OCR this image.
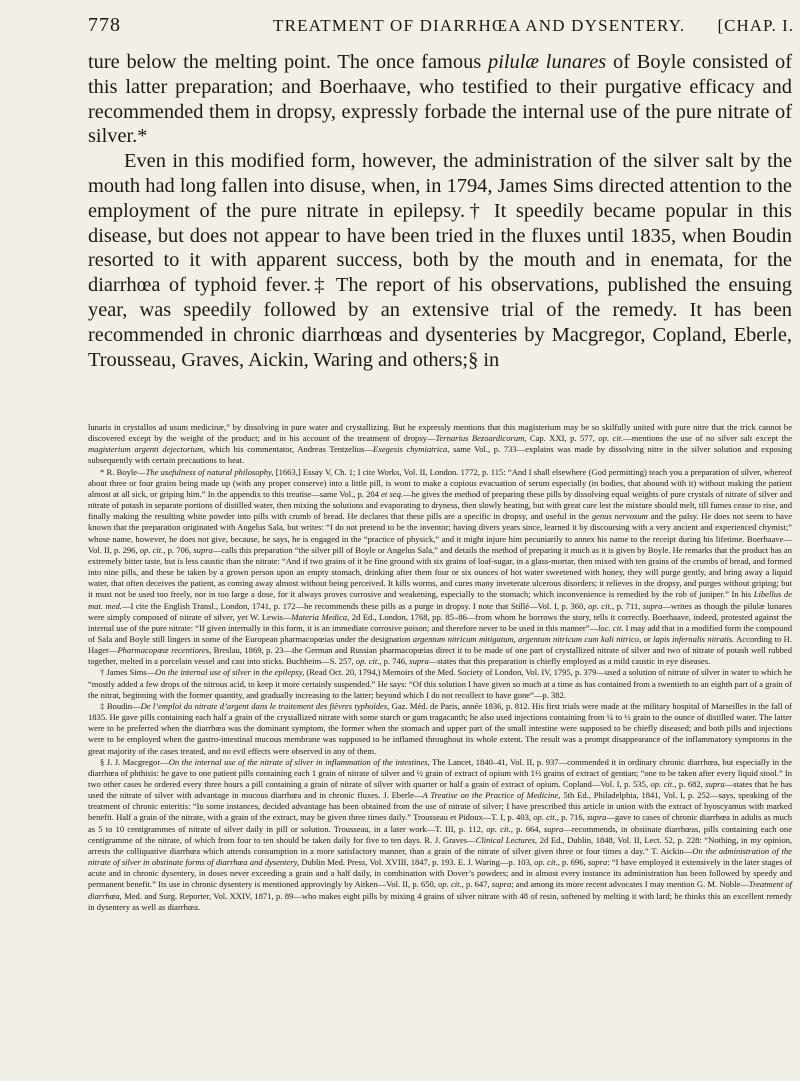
778	TREATMENT OF DIARRHŒA AND DYSENTERY. [CHAP. I.
ture below the melting point. The once famous pilulæ lunares of Boyle consisted of this latter preparation; and Boerhaave, who testified to their purgative efficacy and recommended them in dropsy, expressly forbade the internal use of the pure nitrate of silver.*
Even in this modified form, however, the administration of the silver salt by the mouth had long fallen into disuse, when, in 1794, James Sims directed attention to the employment of the pure nitrate in epilepsy.† It speedily became popular in this disease, but does not appear to have been tried in the fluxes until 1835, when Boudin resorted to it with apparent success, both by the mouth and in enemata, for the diarrhœa of typhoid fever.‡ The report of his observations, published the ensuing year, was speedily followed by an extensive trial of the remedy. It has been recommended in chronic diarrhœas and dysenteries by Macgregor, Copland, Eberle, Trousseau, Graves, Aickin, Waring and others;§ in

lunaris in crystallos ad usum medicinæ,” by dissolving in pure water and crystallizing. But he expressly mentions that this magisterium may be so skilfully united with pure nitre that the trick cannot be discovered except by the weight of the product; and in his account of the treatment of dropsy—Ternarius Bezoardicorum, Cap. XXI, p. 577, op. cit.—mentions the use of no silver salt except the magisterium argenti dejectorium, which his commentator, Andreas Tentzelius—Exegesis chymiatrica, same Vol., p. 733—explains was made by dissolving nitre in the silver solution and exposing subsequently with certain precautions to heat.

* R. Boyle—The usefulness of natural philosophy, [1663,] Essay V, Ch. 1; I cite Works, Vol. II, London. 1772, p. 115: “And I shall elsewhere (God permitting) teach you a preparation of silver, whereof about three or four grains being made up (with any proper conserve) into a little pill, is wont to make a copious evacuation of serum especially (in bodies, that abound with it) without making the patient almost at all sick, or griping him.” In the appendix to this treatise—same Vol., p. 204 et seq.—he gives the method of preparing these pills by dissolving equal weights of pure crystals of nitrate of silver and nitrate of potash in separate portions of distilled water, then mixing the solutions and evaporating to dryness, then slowly heating, but with great care lest the mixture should melt, till fumes cease to rise, and finally making the resulting white powder into pills with crumb of bread. He declares that these pills are a specific in dropsy, and useful in the genus nervosum and the palsy. He does not seem to have known that the preparation originated with Angelus Sala, but writes: “I do not pretend to be the inventor; having divers years since, learned it by discoursing with a very ancient and experienced chymist;” whose name, however, he does not give, because, he says, he is engaged in the “practice of physick,” and it might injure him pecuniarily to annex his name to the receipt during his lifetime. Boerhaave—Vol. II, p. 296, op. cit., p. 706, supra—calls this preparation “the silver pill of Boyle or Angelus Sala,” and details the method of preparing it much as it is given by Boyle. He remarks that the product has an extremely bitter taste, but is less caustic than the nitrate: “And if two grains of it be fine ground with six grains of loaf-sugar, in a glass-mortar, then mixed with ten grains of the crumbs of bread, and formed into nine pills, and these be taken by a grown person upon an empty stomach, drinking after them four or six ounces of hot water sweetened with honey, they will purge gently, and bring away a liquid water, that often deceives the patient, as coming away almost without being perceived. It kills worms, and cures many inveterate ulcerous disorders; it relieves in the dropsy, and purges without griping; but it must not be used too freely, nor in too large a dose, for it always proves corrosive and weakening, especially to the stomach; which inconvenience is remedied by the rob of juniper.” In his Libellus de mat. med.—I cite the English Transl., London, 1741, p. 172—he recommends these pills as a purge in dropsy. I note that Stillé—Vol. I, p. 360, op. cit., p. 711, supra—writes as though the pilulæ lunares were simply composed of nitrate of silver, yet W. Lewis—Materia Medica, 2d Ed., London, 1768, pp. 85–86—from whom he borrows the story, tells it correctly. Boerhaave, indeed, protested against the internal use of the pure nitrate: “If given internally in this form, it is an immediate corrosive poison; and therefore never to be used in this manner”—loc. cit. I may add that in a modified form the compound of Sala and Boyle still lingers in some of the European pharmacopœias under the designation argentum nitricum mitigatum, argentum nitricum cum kali nitrico, or lapis infernalis nitratis. According to H. Hager—Pharmacopœæ recentiores, Breslau, 1869, p. 23—the German and Russian pharmacopœias direct it to be made of one part of crystallized nitrate of silver and two of nitrate of potash well rubbed together, melted in a porcelain vessel and cast into sticks. Buchheim—S. 257, op. cit., p. 746, supra—states that this preparation is chiefly employed as a mild caustic in eye diseases.

† James Sims—On the internal use of silver in the epilepsy, (Read Oct. 20, 1794,) Memoirs of the Med. Society of London, Vol. IV, 1795, p. 379—used a solution of nitrate of silver in water to which he “mostly added a few drops of the nitrous acid, to keep it more certainly suspended.” He says: “Of this solution I have given so much at a time as has contained from a twentieth to an eighth part of a grain of the nitrat, beginning with the former quantity, and gradually increasing to the latter; beyond which I do not recollect to have gone”—p. 382.

‡ Boudin—De l’emploi du nitrate d’argent dans le traitement des fièvres typhoïdes, Gaz. Méd. de Paris, année 1836, p. 812. His first trials were made at the military hospital of Marseilles in the fall of 1835. He gave pills containing each half a grain of the crystallized nitrate with some starch or gum tragacanth; he also used injections containing from ¼ to ½ grain to the ounce of distilled water. The latter were to be preferred when the diarrhœa was the dominant symptom, the former when the stomach and upper part of the small intestine were supposed to be chiefly diseased; and both pills and injections were to be employed when the gastro-intestinal mucous membrane was supposed to be inflamed throughout its whole extent. The result was a prompt disappearance of the inflammatory symptoms in the great majority of the cases treated, and no evil effects were observed in any of them.

§ J. J. Macgregor—On the internal use of the nitrate of silver in inflammation of the intestines, The Lancet, 1840–41, Vol. II, p. 937—commended it in ordinary chronic diarrhœa, but especially in the diarrhœa of phthisis: he gave to one patient pills containing each 1 grain of nitrate of silver and ½ grain of extract of opium with 1½ grains of extract of gentian; “one to be taken after every liquid stool.” In two other cases he ordered every three hours a pill containing a grain of nitrate of silver with quarter or half a grain of extract of opium. Copland—Vol. I, p. 535, op. cit., p. 682, supra—states that he has used the nitrate of silver with advantage in mucous diarrhœa and in chronic fluxes. J. Eberle—A Treatise on the Practice of Medicine, 5th Ed., Philadelphia, 1841, Vol. I, p. 252—says, speaking of the treatment of chronic enteritis: “In some instances, decided advantage has been obtained from the use of nitrate of silver; I have prescribed this article in union with the extract of hyoscyamus with marked benefit. Half a grain of the nitrate, with a grain of the extract, may be given three times daily.” Trousseau et Pidoux—T. I, p. 403, op. cit., p. 716, supra—gave to cases of chronic diarrhœa in adults as much as 5 to 10 centigrammes of nitrate of silver daily in pill or solution. Trousseau, in a later work—T. III, p. 112, op. cit., p. 664, supra—recommends, in obstinate diarrhœas, pills containing each one centigramme of the nitrate, of which from four to ten should be taken daily for five to ten days. R. J. Graves—Clinical Lectures, 2d Ed., Dublin, 1848, Vol. II, Lect. 52, p. 228: “Nothing, in my opinion, arrests the colliquative diarrhœa which attends consumption in a more satisfactory manner, than a grain of the nitrate of silver given three or four times a day.” T. Aickin—On the administration of the nitrate of silver in obstinate forms of diarrhœa and dysentery, Dublin Med. Press, Vol. XVIII, 1847, p. 193. E. J. Waring—p. 103, op. cit., p. 696, supra: “I have employed it extensively in the later stages of acute and in chronic dysentery, in doses never exceeding a grain and a half daily, in combination with Dover’s powders; and in almost every instance its administration has been followed by speedy and permanent benefit.” Its use in chronic dysentery is mentioned approvingly by Aitken—Vol. II, p. 650, op. cit., p. 647, supra; and among its more recent advocates I may mention G. M. Noble—Treatment of diarrhœa, Med. and Surg. Reporter, Vol. XXIV, 1871, p. 89—who makes eight pills by mixing 4 grains of silver nitrate with 48 of resin, softened by melting it with lard; he thinks this an excellent remedy in dysentery as well as diarrhœa.
